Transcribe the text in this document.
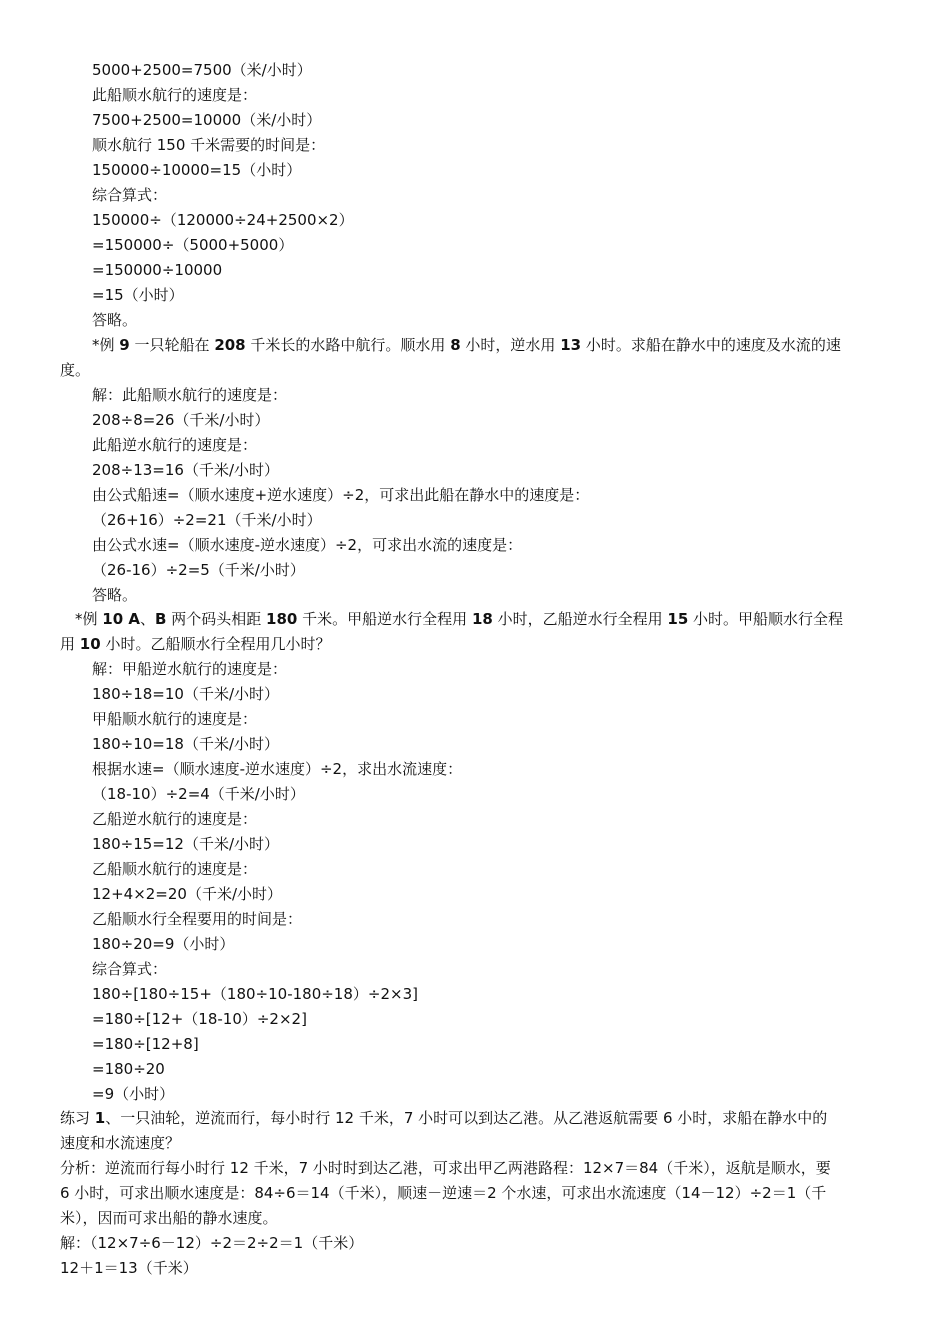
5000+2500=7500（米/小时）
此船顺水航行的速度是：
7500+2500=10000（米/小时）
顺水航行 150 千米需要的时间是：
150000÷10000=15（小时）
综合算式：
150000÷（120000÷24+2500×2）
=150000÷（5000+5000）
=150000÷10000
=15（小时）
答略。
*例 9 一只轮船在 208 千米长的水路中航行。顺水用 8 小时，逆水用 13 小时。求船在静水中的速度及水流的速
度。
解：此船顺水航行的速度是：
208÷8=26（千米/小时）
此船逆水航行的速度是：
208÷13=16（千米/小时）
由公式船速=（顺水速度+逆水速度）÷2，可求出此船在静水中的速度是：
（26+16）÷2=21（千米/小时）
由公式水速=（顺水速度-逆水速度）÷2，可求出水流的速度是：
（26-16）÷2=5（千米/小时）
答略。
*例 10 A、B 两个码头相距 180 千米。甲船逆水行全程用 18 小时，乙船逆水行全程用 15 小时。甲船顺水行全程
用 10 小时。乙船顺水行全程用几小时？
解：甲船逆水航行的速度是：
180÷18=10（千米/小时）
甲船顺水航行的速度是：
180÷10=18（千米/小时）
根据水速=（顺水速度-逆水速度）÷2，求出水流速度：
（18-10）÷2=4（千米/小时）
乙船逆水航行的速度是：
180÷15=12（千米/小时）
乙船顺水航行的速度是：
12+4×2=20（千米/小时）
乙船顺水行全程要用的时间是：
180÷20=9（小时）
综合算式：
180÷[180÷15+（180÷10-180÷18）÷2×3]
=180÷[12+（18-10）÷2×2]
=180÷[12+8]
=180÷20
=9（小时）
练习 1、一只油轮，逆流而行，每小时行 12 千米，7 小时可以到达乙港。从乙港返航需要 6 小时，求船在静水中的
速度和水流速度？
分析：逆流而行每小时行 12 千米，7 小时时到达乙港，可求出甲乙两港路程：12×7＝84（千米），返航是顺水，要
6 小时，可求出顺水速度是：84÷6＝14（千米），顺速－逆速＝2 个水速，可求出水流速度（14－12）÷2＝1（千
米），因而可求出船的静水速度。
解：（12×7÷6－12）÷2＝2÷2＝1（千米）
12＋1＝13（千米）
